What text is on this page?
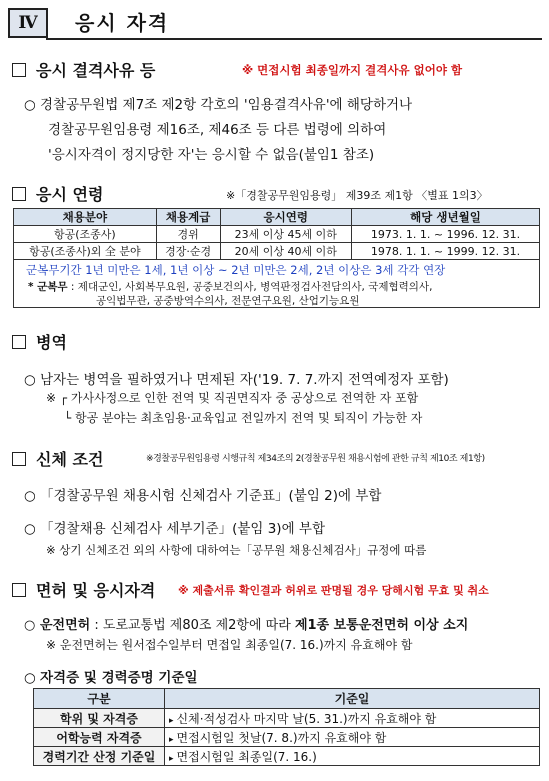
Ⅳ	응시 자격
응시 결격사유 등	※ 면접시험 최종일까지 결격사유 없어야 함
○ 경찰공무원법 제7조 제2항 각호의 '임용결격사유'에 해당하거나
경찰공무원임용령 제16조, 제46조 등 다른 법령에 의하여
'응시자격이 정지당한 자'는 응시할 수 없음(붙임1 참조)
응시 연령	※「경찰공무원임용령」 제39조 제1항 〈별표 1의3〉
채용분야	채용계급	응시연령	해당 생년월일
항공(조종사)	경위	23세 이상 45세 이하	1973. 1. 1. ~ 1996. 12. 31.
항공(조종사)외 全 분야	경장·순경	20세 이상 40세 이하	1978. 1. 1. ~ 1999. 12. 31.
군복무기간 1년 미만은 1세, 1년 이상 ~ 2년 미만은 2세, 2년 이상은 3세 각각 연장
* 군복무 : 제대군인, 사회복무요원, 공중보건의사, 병역판정검사전담의사, 국제협력의사,
공익법무관, 공중방역수의사, 전문연구요원, 산업기능요원
병역
○ 남자는 병역을 필하였거나 면제된 자('19. 7. 7.까지 전역예정자 포함)
※ ┌ 가사사정으로 인한 전역 및 직권면직자 중 공상으로 전역한 자 포함
└ 항공 분야는 최초임용·교육입교 전일까지 전역 및 퇴직이 가능한 자
신체 조건	※경찰공무원임용령 시행규칙 제34조의 2(경찰공무원 채용시험에 관한 규칙 제10조 제1항)
○ 「경찰공무원 채용시험 신체검사 기준표」(붙임 2)에 부합
○ 「경찰채용 신체검사 세부기준」(붙임 3)에 부합
※ 상기 신체조건 외의 사항에 대하여는「공무원 채용신체검사」규정에 따름
면허 및 응시자격 ※ 제출서류 확인결과 허위로 판명될 경우 당해시험 무효 및 취소
○ 운전면허 : 도로교통법 제80조 제2항에 따라 제1종 보통운전면허 이상 소지
※ 운전면허는 원서접수일부터 면접일 최종일(7. 16.)까지 유효해야 함
○ 자격증 및 경력증명 기준일
구분	기준일
학위 및 자격증	▸ 신체·적성검사 마지막 날(5. 31.)까지 유효해야 함
어학능력 자격증	▸ 면접시험일 첫날(7. 8.)까지 유효해야 함
경력기간 산정 기준일	▸ 면접시험일 최종일(7. 16.)
